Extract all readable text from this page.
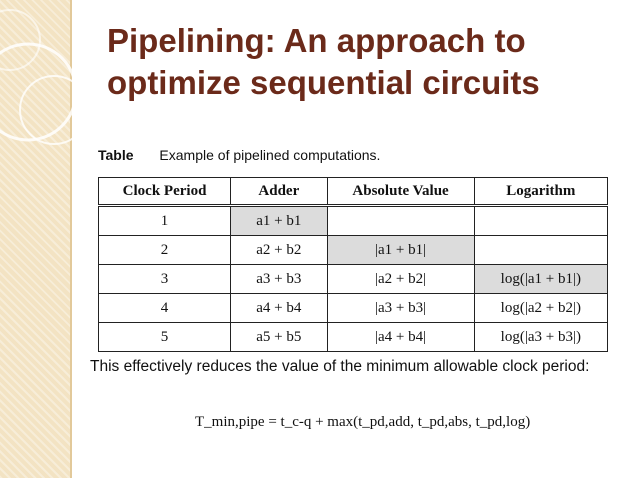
Pipelining: An approach to optimize sequential circuits
Table Example of pipelined computations.
Clock Period	Adder	Absolute Value	Logarithm
1	a1 + b1		
2	a2 + b2	|a1 + b1|	
3	a3 + b3	|a2 + b2|	log(|a1 + b1|)
4	a4 + b4	|a3 + b3|	log(|a2 + b2|)
5	a5 + b5	|a4 + b4|	log(|a3 + b3|)

This effectively reduces the value of the minimum allowable clock period:

T_min,pipe = t_c-q + max(t_pd,add, t_pd,abs, t_pd,log)
